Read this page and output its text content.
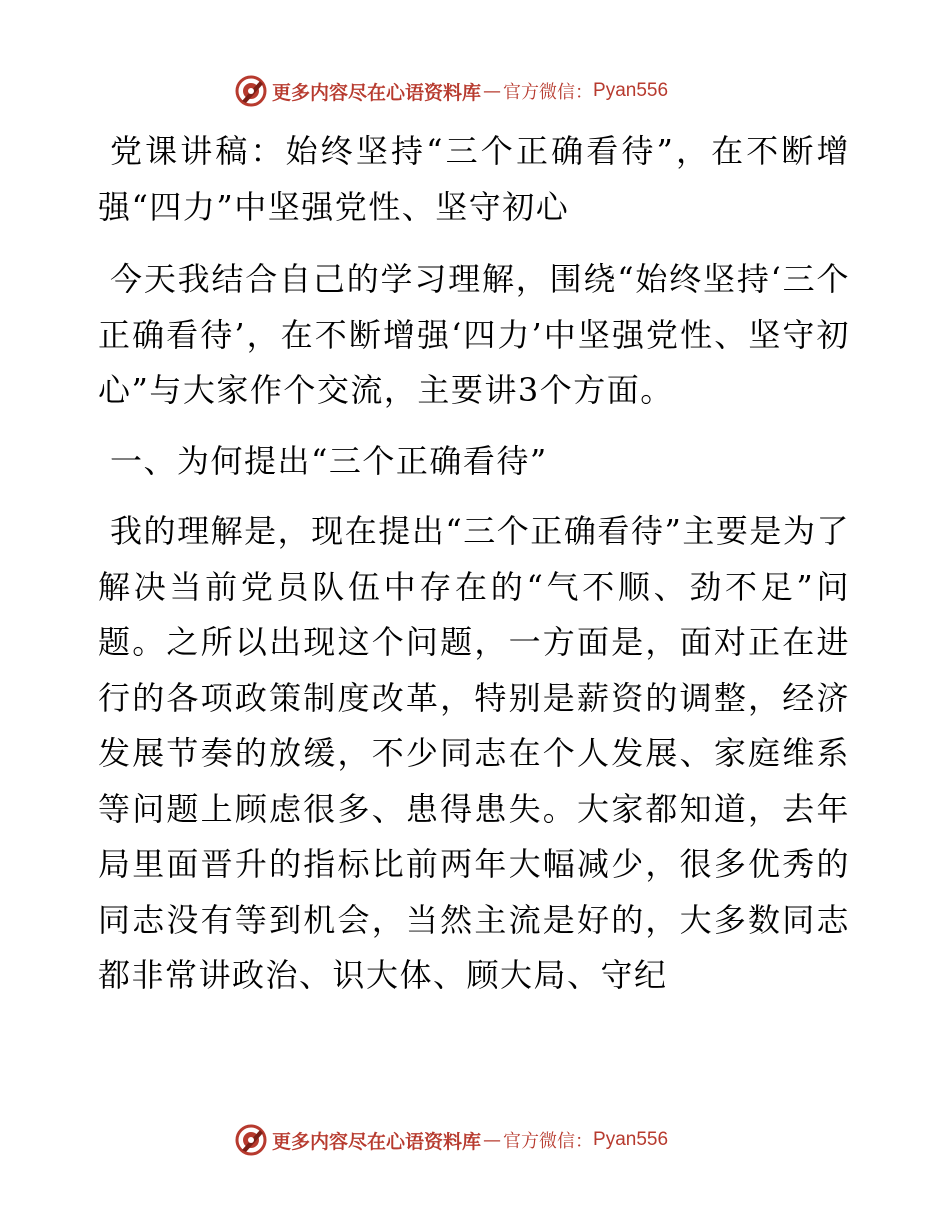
更多内容尽在心语资料库 — 官方微信： Pyan556

党课讲稿：始终坚持“三个正确看待”，在不断增强“四力”中坚强党性、坚守初心

今天我结合自己的学习理解，围绕“始终坚持‘三个正确看待’，在不断增强‘四力’中坚强党性、坚守初心”与大家作个交流，主要讲3个方面。

一、为何提出“三个正确看待”

我的理解是，现在提出“三个正确看待”主要是为了解决当前党员队伍中存在的“气不顺、劲不足”问题。之所以出现这个问题，一方面是，面对正在进行的各项政策制度改革，特别是薪资的调整，经济发展节奏的放缓，不少同志在个人发展、家庭维系等问题上顾虑很多、患得患失。大家都知道，去年局里面晋升的指标比前两年大幅减少，很多优秀的同志没有等到机会，当然主流是好的，大多数同志都非常讲政治、识大体、顾大局、守纪

更多内容尽在心语资料库 — 官方微信： Pyan556
